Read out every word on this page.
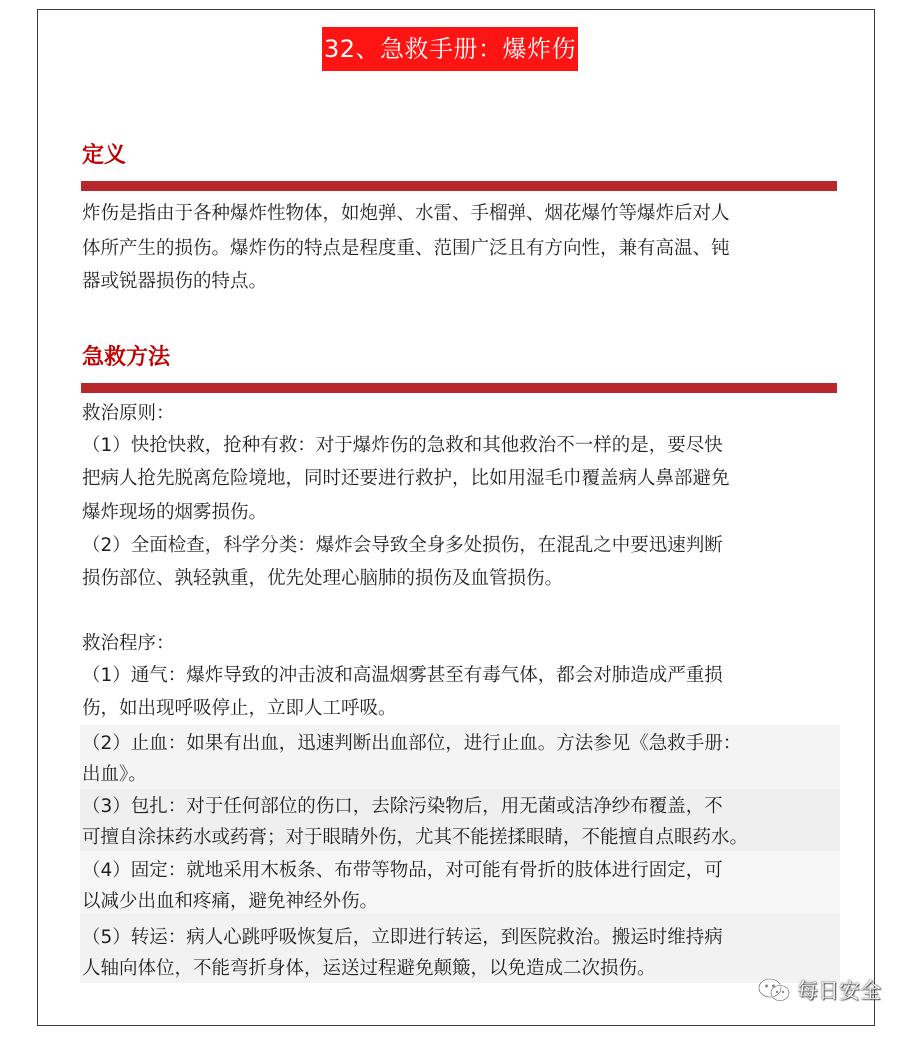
32、急救手册：爆炸伤
定义
炸伤是指由于各种爆炸性物体，如炮弹、水雷、手榴弹、烟花爆竹等爆炸后对人
体所产生的损伤。爆炸伤的特点是程度重、范围广泛且有方向性，兼有高温、钝
器或锐器损伤的特点。
急救方法
救治原则：
（1）快抢快救，抢种有救：对于爆炸伤的急救和其他救治不一样的是，要尽快
把病人抢先脱离危险境地，同时还要进行救护，比如用湿毛巾覆盖病人鼻部避免
爆炸现场的烟雾损伤。
（2）全面检查，科学分类：爆炸会导致全身多处损伤，在混乱之中要迅速判断
损伤部位、孰轻孰重，优先处理心脑肺的损伤及血管损伤。
救治程序：
（1）通气：爆炸导致的冲击波和高温烟雾甚至有毒气体，都会对肺造成严重损
伤，如出现呼吸停止，立即人工呼吸。
（2）止血：如果有出血，迅速判断出血部位，进行止血。方法参见《急救手册：
出血》。
（3）包扎：对于任何部位的伤口，去除污染物后，用无菌或洁净纱布覆盖，不
可擅自涂抹药水或药膏；对于眼睛外伤，尤其不能搓揉眼睛，不能擅自点眼药水。
（4）固定：就地采用木板条、布带等物品，对可能有骨折的肢体进行固定，可
以减少出血和疼痛，避免神经外伤。
（5）转运：病人心跳呼吸恢复后，立即进行转运，到医院救治。搬运时维持病
人轴向体位，不能弯折身体，运送过程避免颠簸，以免造成二次损伤。
每日安全
